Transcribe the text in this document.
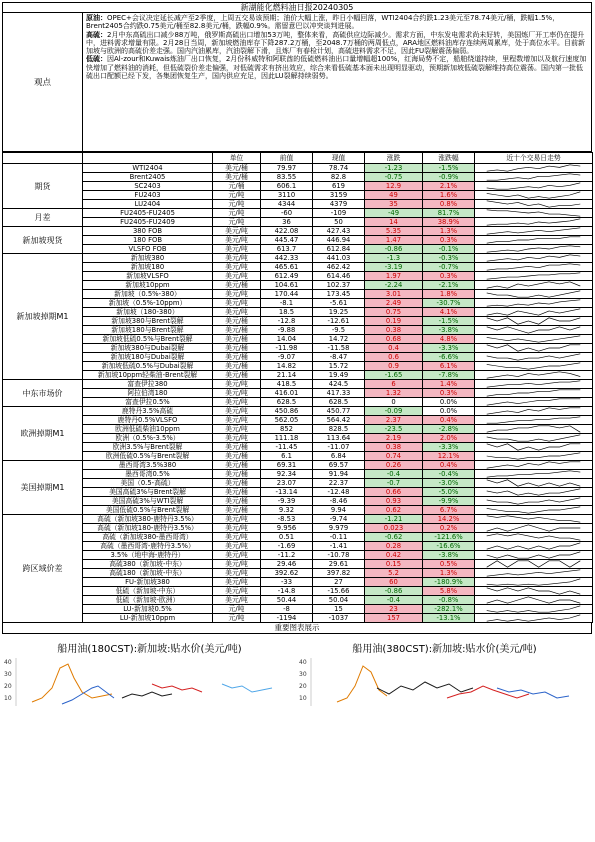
新湖能化燃料油日报20240305
观点

原油：OPEC+会议决定延长减产至2季度，上周五交易该预期；油价大幅上涨，昨日小幅回落，WTI2404合约跌1.23美元至78.74美元/桶，跌幅1.5%，Brent2405合约跌0.75美元/桶至82.8美元/桶，跌幅0.9%。需留意巴以冲突谈判进展。

高硫：2月中东高硫出口减少88万吨，俄罗斯高硫出口增加53万吨，整体来看，高硫供应边际减少。需求方面，中东发电需求尚未好转，美国炼厂开工率仍在提升中，进料需求增量有限。2月28日当周，新加坡燃油库存下降287.2万桶，至2048.7万桶的两周低点，ARA地区燃料油库存连续两周累库，处于高位水平。目前新加坡与欧洲的高硫价差走强。国内汽油累库，汽油裂解下滑，且炼厂有春检计划，高硫进料需求不足，因此FU裂解震荡偏弱。

低硫：因Al-zour和Kuwais炼油厂出口恢复，2月份科威特和阿联酋的低硫燃料油出口量增幅超100%，红海局势不定，船舶绕道持续，里程数增加以及航行速度加快增加了燃料油的消耗，但低硫裂价差走偏强，对低硫需求有挤出效应，综合来看低硫基本面未出现明显驱动，预期新加坡低硫裂解维持高位震荡。国内第一批低硫出口配额已经下发，各集团恢复生产，国内供应充足，因此LU裂解持续弱势。

		单位	前值	现值	涨跌	涨跌幅	近十个交易日走势
期货	WTI2404	美元/桶	79.97	78.74	-1.23	-1.5%	

	Brent2405	美元/桶	83.55	82.8	-0.75	-0.9%	

	SC2403	元/桶	606.1	619	12.9	2.1%	

	FU2403	元/吨	3110	3159	49	1.6%	

	LU2404	元/吨	4344	4379	35	0.8%	

月差	FU2405-FU2405	元/吨	-60	-109	-49	81.7%	

	FU2405-FU2409	元/吨	36	50	14	38.9%	

新加坡现货	380 FOB	美元/吨	422.08	427.43	5.35	1.3%	

	180 FOB	美元/吨	445.47	446.94	1.47	0.3%	

	VLSFO FOB	美元/吨	613.7	612.84	-0.86	-0.1%	

新加坡掉期M1	新加坡380	美元/吨	442.33	441.03	-1.3	-0.3%	

	新加坡180	美元/吨	465.61	462.42	-3.19	-0.7%	

	新加坡VLSFO	美元/吨	612.49	614.46	1.97	0.3%	

	新加坡10ppm	美元/桶	104.61	102.37	-2.24	-2.1%	

	新加坡（0.5%-380）	美元/吨	170.44	173.45	3.01	1.8%	

	新加坡（0.5%-10ppm）	美元/吨	-8.1	-5.61	2.49	-30.7%	

	新加坡（180-380）	美元/吨	18.5	19.25	0.75	4.1%	

	新加坡380与Brent裂解	美元/桶	-12.8	-12.61	0.19	-1.5%	

	新加坡180与Brent裂解	美元/桶	-9.88	-9.5	0.38	-3.8%	

	新加坡低硫0.5%与Brent裂解	美元/桶	14.04	14.72	0.68	4.8%	

	新加坡380与Dubai裂解	美元/桶	-11.98	-11.58	0.4	-3.3%	

	新加坡180与Dubai裂解	美元/桶	-9.07	-8.47	0.6	-6.6%	

	新加坡低硫0.5%与Dubai裂解	美元/桶	14.82	15.72	0.9	6.1%	

	新加坡10ppm轻柴油-Brent裂解	美元/桶	21.14	19.49	-1.65	-7.8%	

中东市场价	富查伊拉380	美元/吨	418.5	424.5	6	1.4%	

	阿拉伯湾180	美元/吨	416.01	417.33	1.32	0.3%	

	富查伊拉0.5%	美元/吨	628.5	628.5	0	0.0%	

欧洲掉期M1	鹿特丹3.5%高硫	美元/吨	450.86	450.77	-0.09	0.0%	

	鹿特丹0.5%VLSFO	美元/吨	562.05	564.42	2.37	0.4%	

	欧洲低硫柴油10ppm	美元/吨	852	828.5	-23.5	-2.8%	

	欧洲（0.5%-3.5%）	美元/吨	111.18	113.64	2.19	2.0%	

	欧洲3.5%与Brent裂解	美元/桶	-11.45	-11.07	0.38	-3.3%	

	欧洲低硫0.5%与Brent裂解	美元/桶	6.1	6.84	0.74	12.1%	

美国掉期M1	墨西哥湾3.5%380	美元/桶	69.31	69.57	0.26	0.4%	

	墨西哥湾0.5%	美元/桶	92.34	91.94	-0.4	-0.4%	

	美国（0.5-高硫）	美元/桶	23.07	22.37	-0.7	-3.0%	

	美国高硫3%与Brent裂解	美元/桶	-13.14	-12.48	0.66	-5.0%	

	美国高硫3%与WTI裂解	美元/桶	-9.39	-8.46	0.93	-9.9%	

	美国低硫0.5%与Brent裂解	美元/桶	9.32	9.94	0.62	6.7%	

跨区域价差	高硫（新加坡380-鹿特丹3.5%）	美元/吨	-8.53	-9.74	-1.21	14.2%	

	高硫（新加坡180-鹿特丹3.5%）	美元/吨	9.956	9.979	0.023	0.2%	

	高硫（新加坡380-墨西哥湾）	美元/吨	0.51	-0.11	-0.62	-121.6%	

	高硫（墨西哥湾-鹿特丹3.5%）	美元/吨	-1.69	-1.41	0.28	-16.6%	

	3.5%（地中海-鹿特丹）	美元/吨	-11.2	-10.78	0.42	-3.8%	

	高硫380（新加坡-中东）	美元/吨	29.46	29.61	0.15	0.5%	

	高硫180（新加坡-中东）	美元/吨	392.62	397.82	5.2	1.3%	

	FU-新加坡380	美元/吨	-33	27	60	-180.9%	

	低硫（新加坡-中东）	美元/吨	-14.8	-15.66	-0.86	5.8%	

	低硫（新加坡-欧洲）	美元/吨	50.44	50.04	-0.4	-0.8%	

	LU-新加坡0.5%	元/吨	-8	15	23	-282.1%	

	LU-新加坡10ppm	元/吨	-1194	-1037	157	-13.1%	
重要图表展示
船用油(180CST):新加坡:贴水价(美元/吨)
40
30
20
10
船用油(380CST):新加坡:贴水价(美元/吨)
40
30
20
10
